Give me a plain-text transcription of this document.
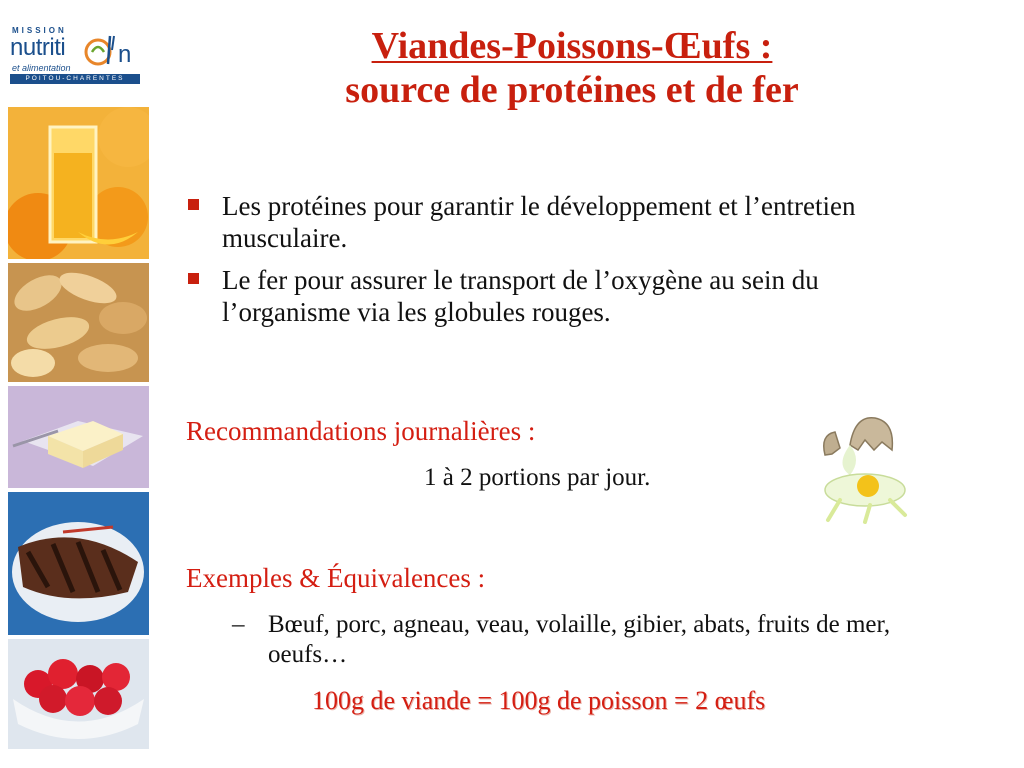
MISSION
nutriti n
et alimentation
POITOU-CHARENTES
Viandes-Poissons-Œufs :
source de protéines et de fer
Les protéines pour garantir le développement et l’entretien musculaire.
Le fer pour assurer le transport de l’oxygène au sein du l’organisme via les globules rouges.
Recommandations journalières :
1 à 2 portions par jour.
Exemples & Équivalences :
– Bœuf, porc, agneau, veau, volaille, gibier, abats, fruits de mer, oeufs…
100g de viande = 100g de poisson = 2 œufs
